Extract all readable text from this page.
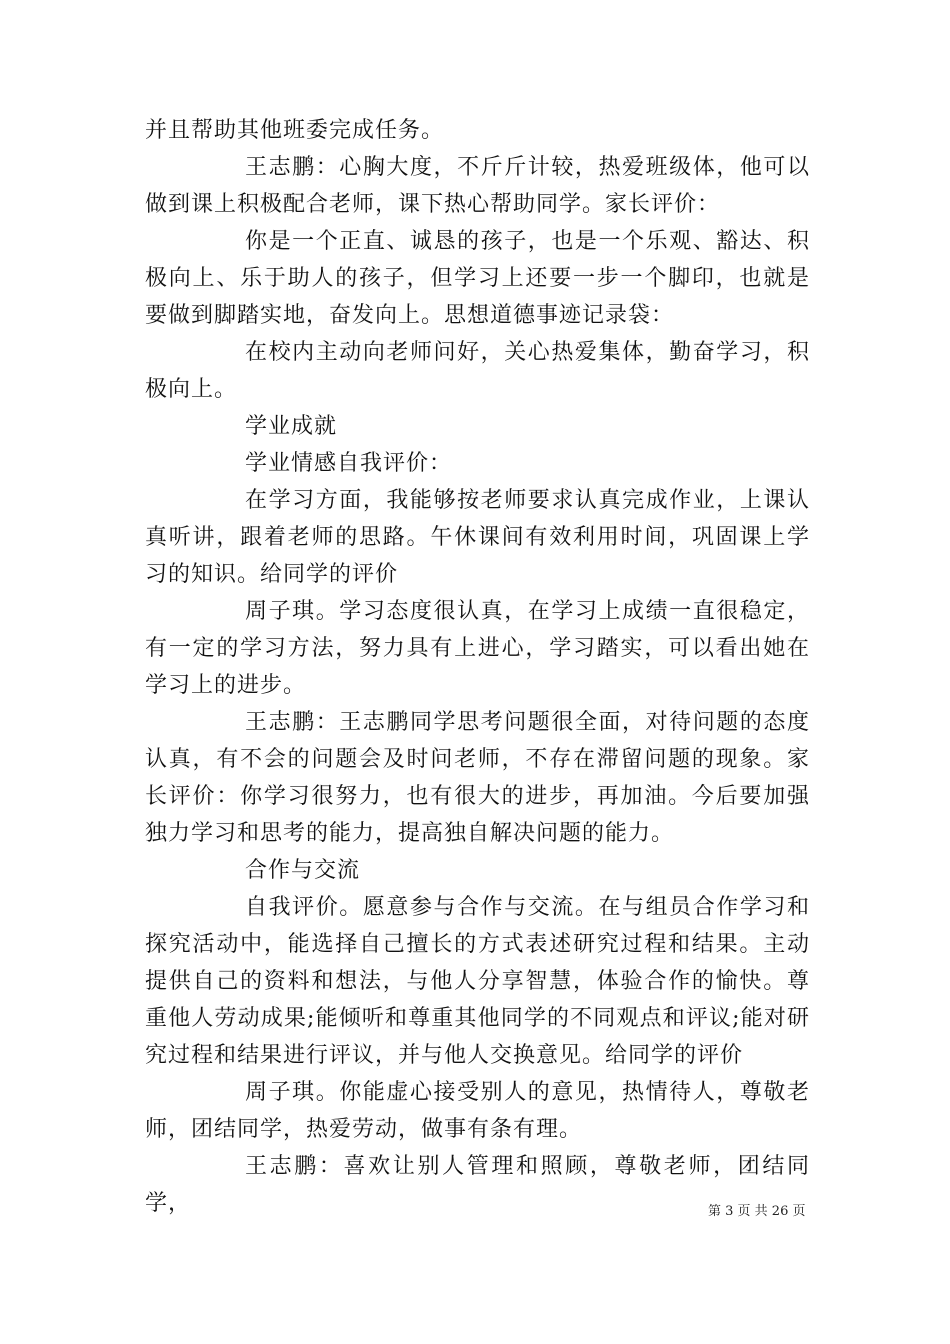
并且帮助其他班委完成任务。

王志鹏：心胸大度，不斤斤计较，热爱班级体，他可以做到课上积极配合老师，课下热心帮助同学。家长评价：

你是一个正直、诚恳的孩子，也是一个乐观、豁达、积极向上、乐于助人的孩子，但学习上还要一步一个脚印，也就是要做到脚踏实地，奋发向上。思想道德事迹记录袋：

在校内主动向老师问好，关心热爱集体，勤奋学习，积极向上。

学业成就

学业情感自我评价：

在学习方面，我能够按老师要求认真完成作业，上课认真听讲，跟着老师的思路。午休课间有效利用时间，巩固课上学习的知识。给同学的评价

周子琪。学习态度很认真，在学习上成绩一直很稳定，有一定的学习方法，努力具有上进心，学习踏实，可以看出她在学习上的进步。

王志鹏：王志鹏同学思考问题很全面，对待问题的态度认真，有不会的问题会及时问老师，不存在滞留问题的现象。家长评价：你学习很努力，也有很大的进步，再加油。今后要加强独力学习和思考的能力，提高独自解决问题的能力。

合作与交流

自我评价。愿意参与合作与交流。在与组员合作学习和探究活动中，能选择自己擅长的方式表述研究过程和结果。主动提供自己的资料和想法，与他人分享智慧，体验合作的愉快。尊重他人劳动成果;能倾听和尊重其他同学的不同观点和评议;能对研究过程和结果进行评议，并与他人交换意见。给同学的评价

周子琪。你能虚心接受别人的意见，热情待人，尊敬老师，团结同学，热爱劳动，做事有条有理。

王志鹏：喜欢让别人管理和照顾，尊敬老师，团结同学，	第 3 页 共 26 页
